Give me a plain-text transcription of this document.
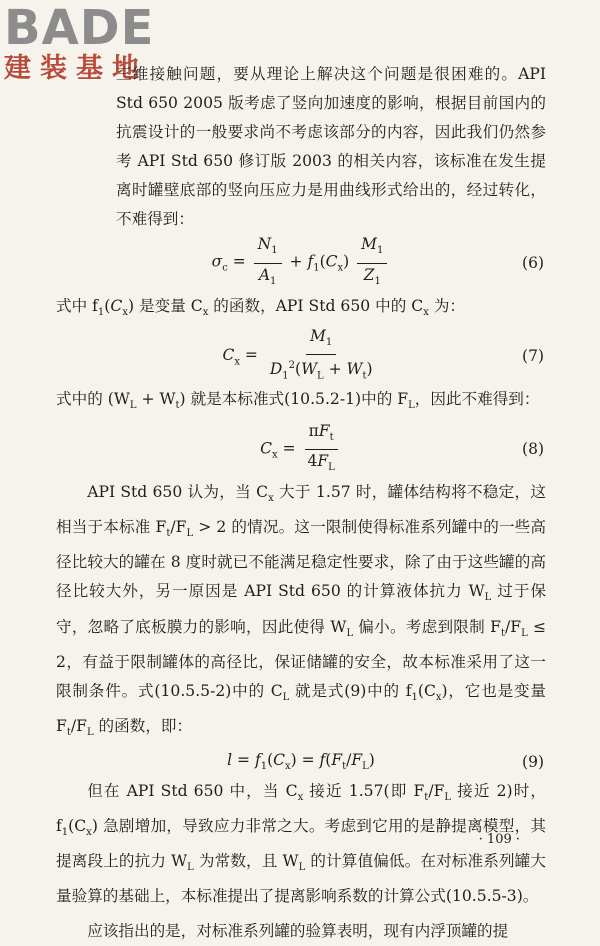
BADE
建装基地

三维接触问题，要从理论上解决这个问题是很困难的。API Std 650 2005 版考虑了竖向加速度的影响，根据目前国内的抗震设计的一般要求尚不考虑该部分的内容，因此我们仍然参考 API Std 650 修订版 2003 的相关内容，该标准在发生提离时罐壁底部的竖向压应力是用曲线形式给出的，经过转化，不难得到：

$\sigma_c = \frac{N_1}{A_1} + f_1(C_x) \frac{M_1}{Z_1}$	(6)

式中 $f_1(C_x)$ 是变量 $C_x$ 的函数，API Std 650 中的 $C_x$ 为：

$C_x = \frac{M_1}{D_1^2(W_L + W_t)}$	(7)

式中的 $(W_L + W_t)$ 就是本标准式(10.5.2-1)中的 $F_L$，因此不难得到：

$C_x = \frac{\pi F_t}{4F_L}$	(8)

API Std 650 认为，当 $C_x$ 大于 1.57 时，罐体结构将不稳定，这相当于本标准 $F_t/F_L > 2$ 的情况。这一限制使得标准系列罐中的一些高径比较大的罐在 8 度时就已不能满足稳定性要求，除了由于这些罐的高径比较大外，另一原因是 API Std 650 的计算液体抗力 $W_L$ 过于保守，忽略了底板膜力的影响，因此使得 $W_L$ 偏小。考虑到限制 $F_t/F_L \le 2$，有益于限制罐体的高径比，保证储罐的安全，故本标准采用了这一限制条件。式(10.5.5-2)中的 $C_L$ 就是式(9)中的 $f_1(C_x)$，它也是变量 $F_t/F_L$ 的函数，即：

$l = f_1(C_x) = f(F_t/F_L)$	(9)

但在 API Std 650 中，当 $C_x$ 接近 1.57(即 $F_t/F_L$ 接近 2)时，$f_1(C_x)$ 急剧增加，导致应力非常之大。考虑到它用的是静提离模型，其提离段上的抗力 $W_L$ 为常数，且 $W_L$ 的计算值偏低。在对标准系列罐大量验算的基础上，本标准提出了提离影响系数的计算公式(10.5.5-3)。

应该指出的是，对标准系列罐的验算表明，现有内浮顶罐的提

· 109 ·
